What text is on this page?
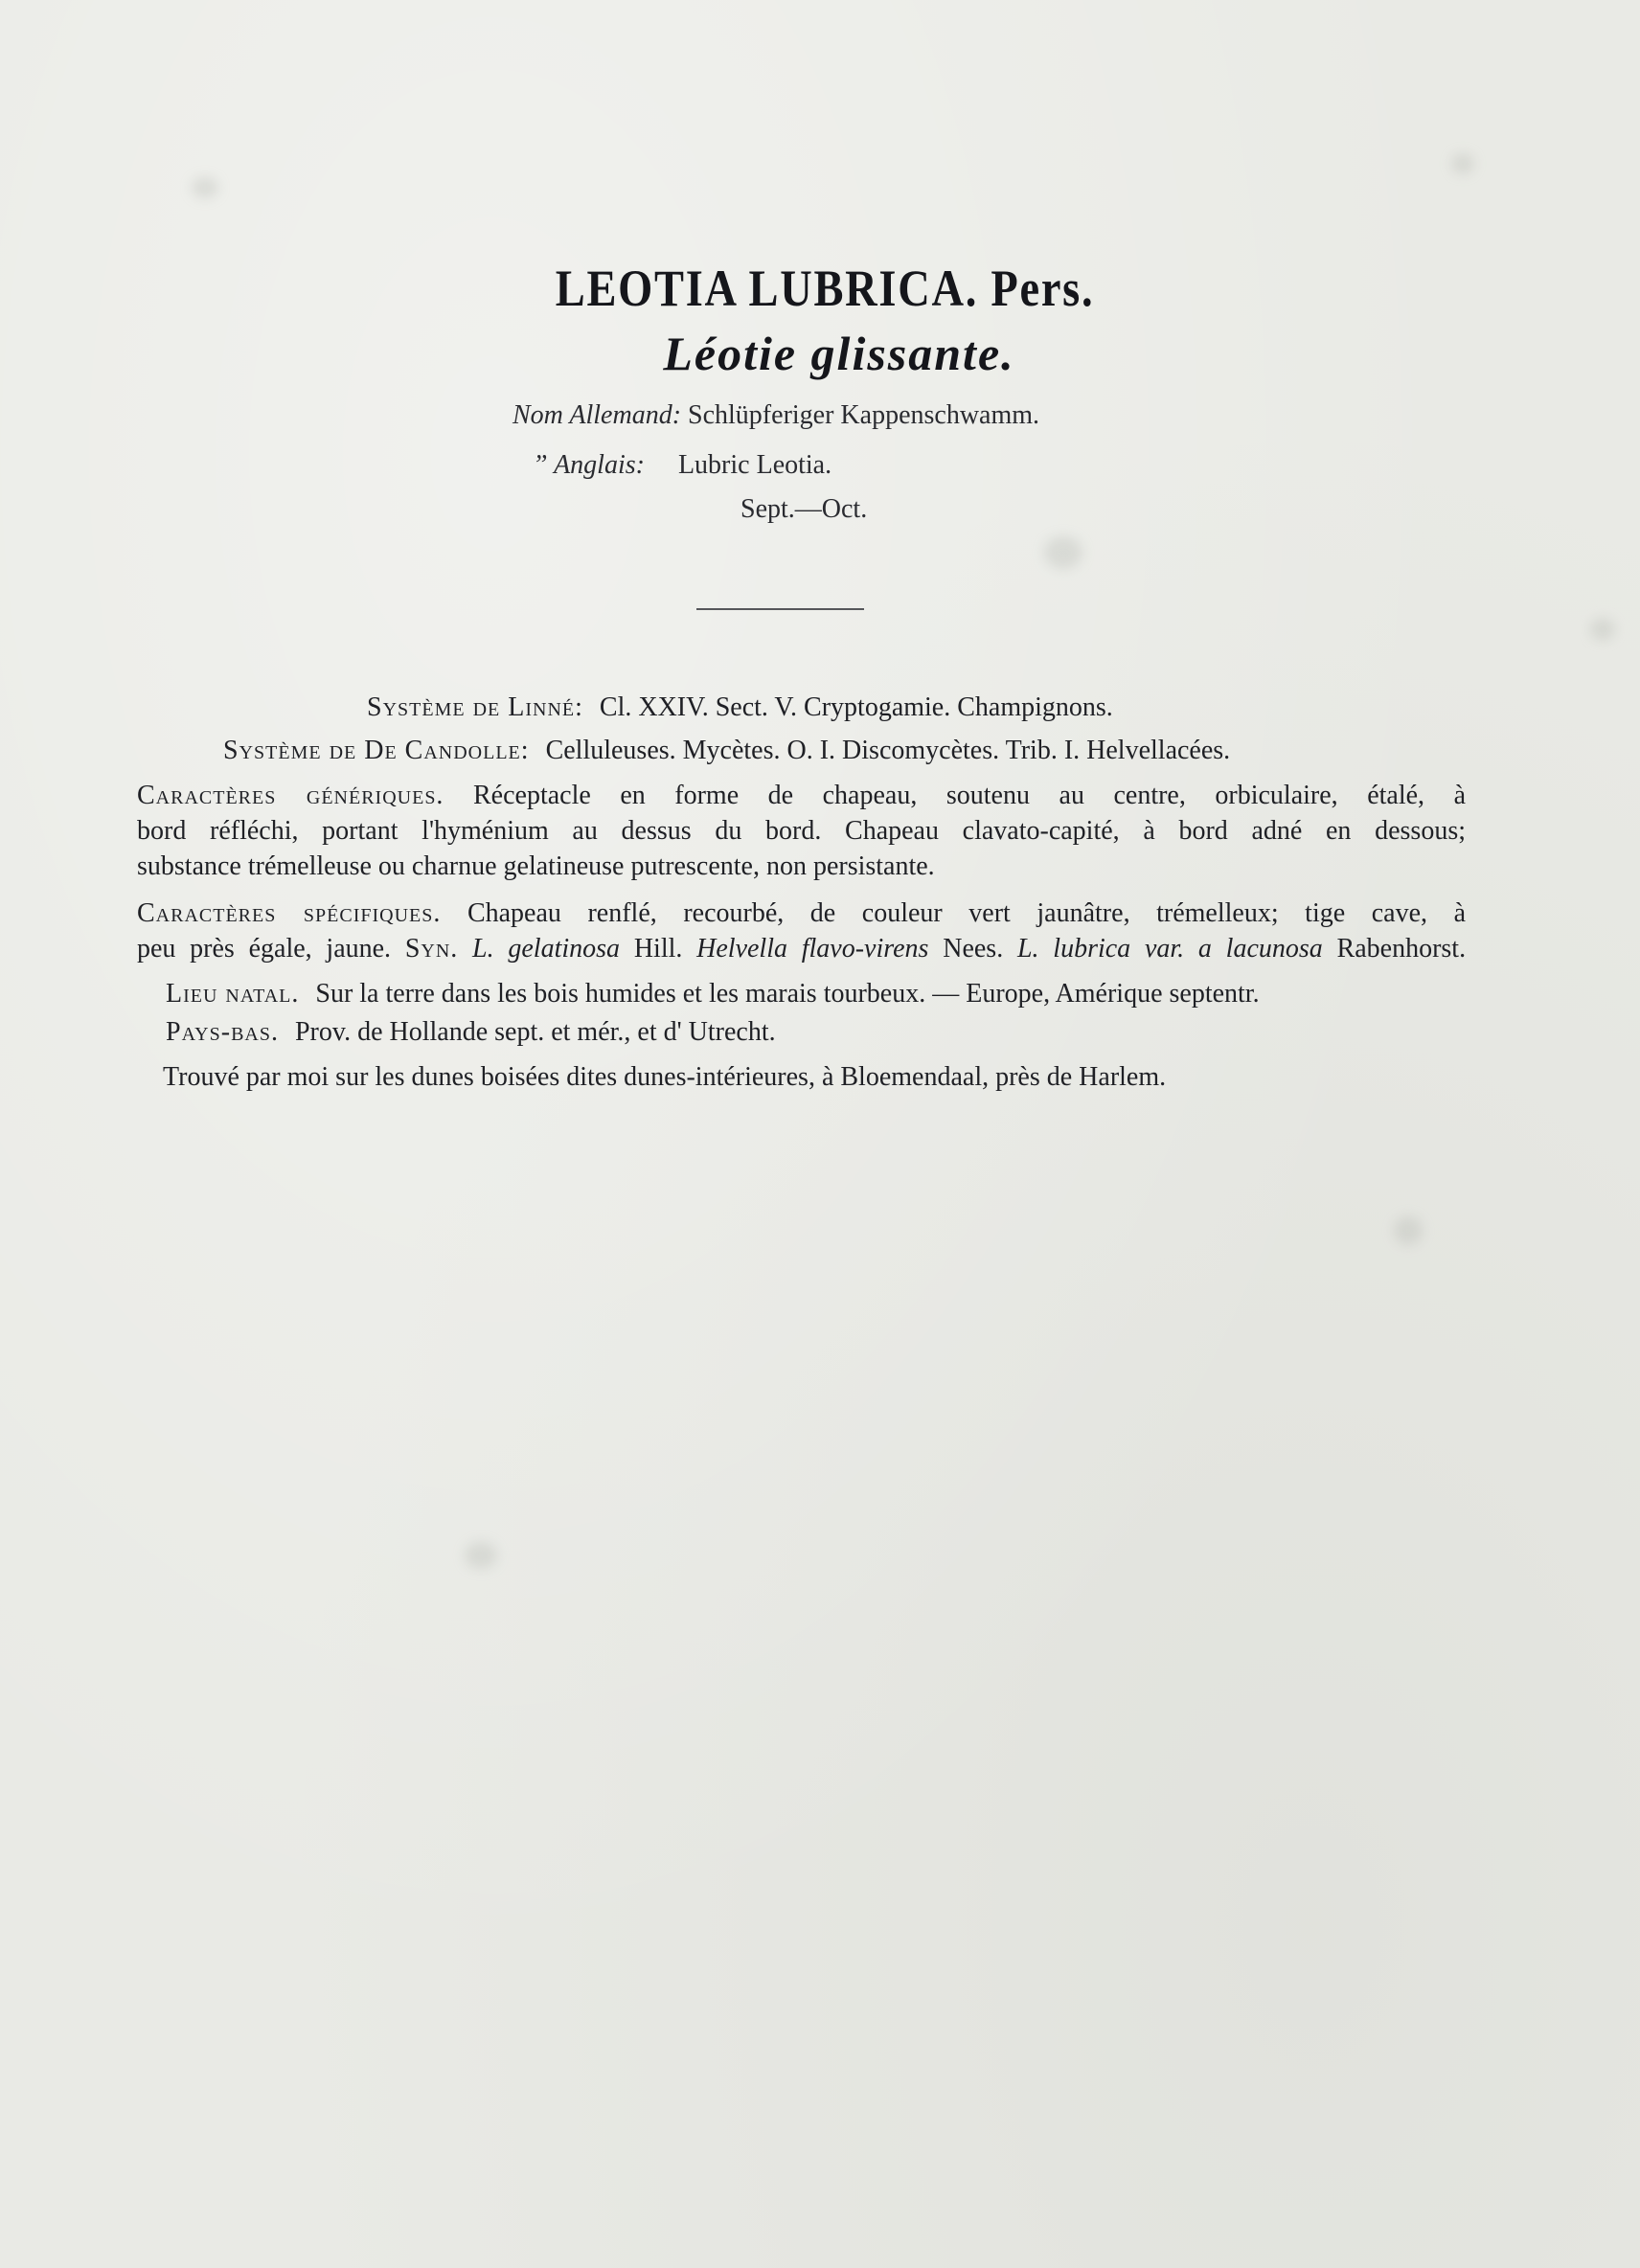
LEOTIA LUBRICA. Pers.
Léotie glissante.
Nom Allemand: Schlüpferiger Kappenschwamm.
” Anglais: Lubric Leotia.
Sept.—Oct.
Système de Linné: Cl. XXIV. Sect. V. Cryptogamie. Champignons.
Système de De Candolle: Celluleuses. Mycètes. O. I. Discomycètes. Trib. I. Helvellacées.
Caractères génériques. Réceptacle en forme de chapeau, soutenu au centre, orbiculaire, étalé, à
bord réfléchi, portant l'hyménium au dessus du bord. Chapeau clavato-capité, à bord adné en dessous;
substance trémelleuse ou charnue gelatineuse putrescente, non persistante.
Caractères spécifiques. Chapeau renflé, recourbé, de couleur vert jaunâtre, trémelleux; tige cave, à
peu près égale, jaune. Syn. L. gelatinosa Hill. Helvella flavo-virens Nees. L. lubrica var. a lacunosa Rabenhorst.
Lieu natal. Sur la terre dans les bois humides et les marais tourbeux. — Europe, Amérique septentr.
Pays-bas. Prov. de Hollande sept. et mér., et d' Utrecht.
Trouvé par moi sur les dunes boisées dites dunes-intérieures, à Bloemendaal, près de Harlem.
